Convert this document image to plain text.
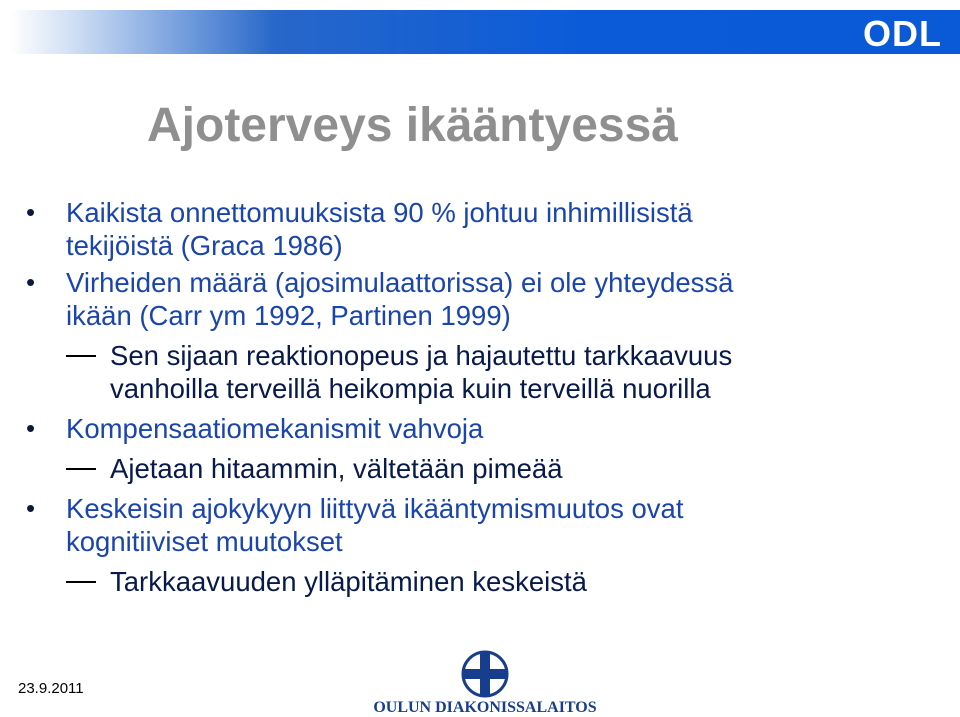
ODL
Ajoterveys ikääntyessä
• Kaikista onnettomuuksista 90 % johtuu inhimillisistä
tekijöistä (Graca 1986)
• Virheiden määrä (ajosimulaattorissa) ei ole yhteydessä
ikään (Carr ym 1992, Partinen 1999)
Sen sijaan reaktionopeus ja hajautettu tarkkaavuus
vanhoilla terveillä heikompia kuin terveillä nuorilla
• Kompensaatiomekanismit vahvoja
Ajetaan hitaammin, vältetään pimeää
• Keskeisin ajokykyyn liittyvä ikääntymismuutos ovat
kognitiiviset muutokset
Tarkkaavuuden ylläpitäminen keskeistä
23.9.2011
OULUN DIAKONISSALAITOS
